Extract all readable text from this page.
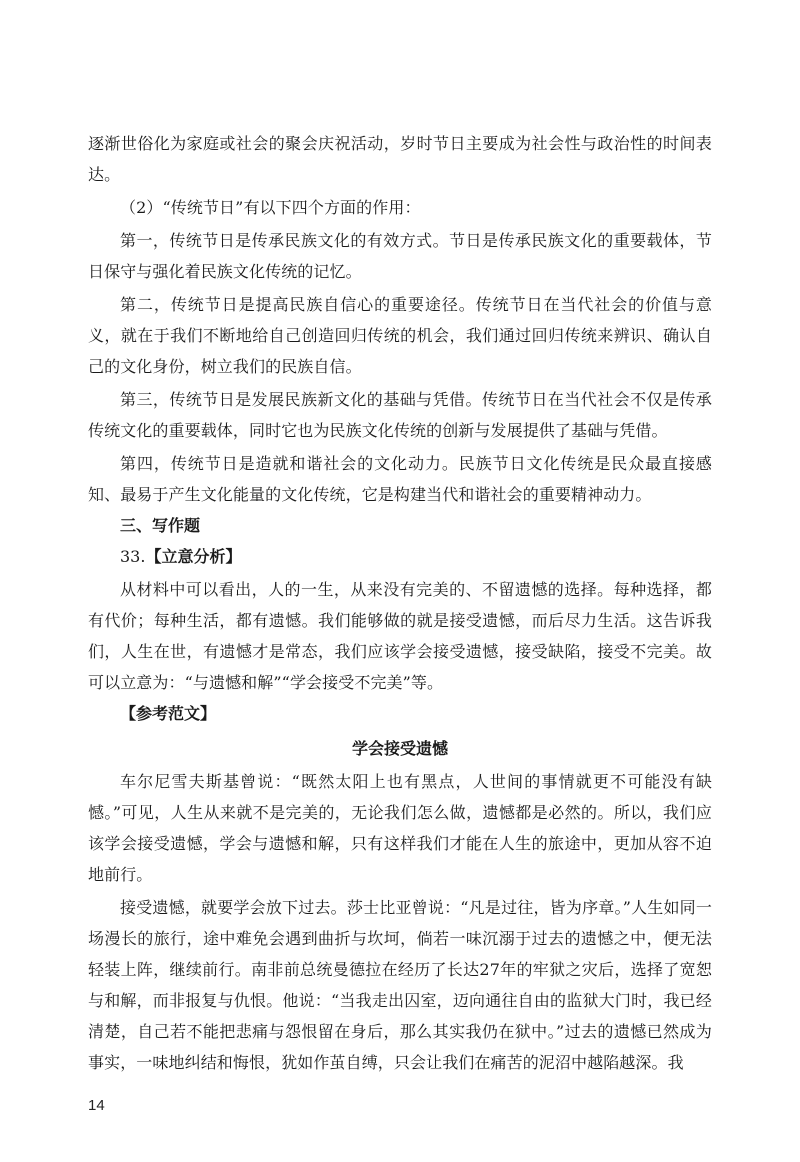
逐渐世俗化为家庭或社会的聚会庆祝活动，岁时节日主要成为社会性与政治性的时间表达。

（2）“传统节日”有以下四个方面的作用：

第一，传统节日是传承民族文化的有效方式。节日是传承民族文化的重要载体，节日保守与强化着民族文化传统的记忆。

第二，传统节日是提高民族自信心的重要途径。传统节日在当代社会的价值与意义，就在于我们不断地给自己创造回归传统的机会，我们通过回归传统来辨识、确认自己的文化身份，树立我们的民族自信。

第三，传统节日是发展民族新文化的基础与凭借。传统节日在当代社会不仅是传承传统文化的重要载体，同时它也为民族文化传统的创新与发展提供了基础与凭借。

第四，传统节日是造就和谐社会的文化动力。民族节日文化传统是民众最直接感知、最易于产生文化能量的文化传统，它是构建当代和谐社会的重要精神动力。

三、写作题

33.【立意分析】

从材料中可以看出，人的一生，从来没有完美的、不留遗憾的选择。每种选择，都有代价；每种生活，都有遗憾。我们能够做的就是接受遗憾，而后尽力生活。这告诉我们，人生在世，有遗憾才是常态，我们应该学会接受遗憾，接受缺陷，接受不完美。故可以立意为：“与遗憾和解”“学会接受不完美”等。

【参考范文】

学会接受遗憾

车尔尼雪夫斯基曾说：“既然太阳上也有黑点，人世间的事情就更不可能没有缺憾。”可见，人生从来就不是完美的，无论我们怎么做，遗憾都是必然的。所以，我们应该学会接受遗憾，学会与遗憾和解，只有这样我们才能在人生的旅途中，更加从容不迫地前行。

接受遗憾，就要学会放下过去。莎士比亚曾说：“凡是过往，皆为序章。”人生如同一场漫长的旅行，途中难免会遇到曲折与坎坷，倘若一味沉溺于过去的遗憾之中，便无法轻装上阵，继续前行。南非前总统曼德拉在经历了长达27年的牢狱之灾后，选择了宽恕与和解，而非报复与仇恨。他说：“当我走出囚室，迈向通往自由的监狱大门时，我已经清楚，自己若不能把悲痛与怨恨留在身后，那么其实我仍在狱中。”过去的遗憾已然成为事实，一味地纠结和悔恨，犹如作茧自缚，只会让我们在痛苦的泥沼中越陷越深。我

14
